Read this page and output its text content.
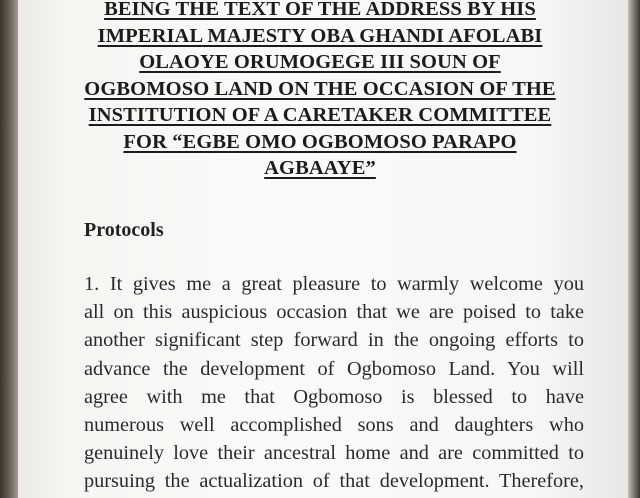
BEING THE TEXT OF THE ADDRESS BY HIS
IMPERIAL MAJESTY OBA GHANDI AFOLABI
OLAOYE ORUMOGEGE III SOUN OF
OGBOMOSO LAND ON THE OCCASION OF THE
INSTITUTION OF A CARETAKER COMMITTEE
FOR “EGBE OMO OGBOMOSO PARAPO
AGBAAYE”
Protocols
1. It gives me a great pleasure to warmly welcome you
all on this auspicious occasion that we are poised to take
another significant step forward in the ongoing efforts to
advance the development of Ogbomoso Land. You will
agree with me that Ogbomoso is blessed to have
numerous well accomplished sons and daughters who
genuinely love their ancestral home and are committed to
pursuing the actualization of that development. Therefore,
